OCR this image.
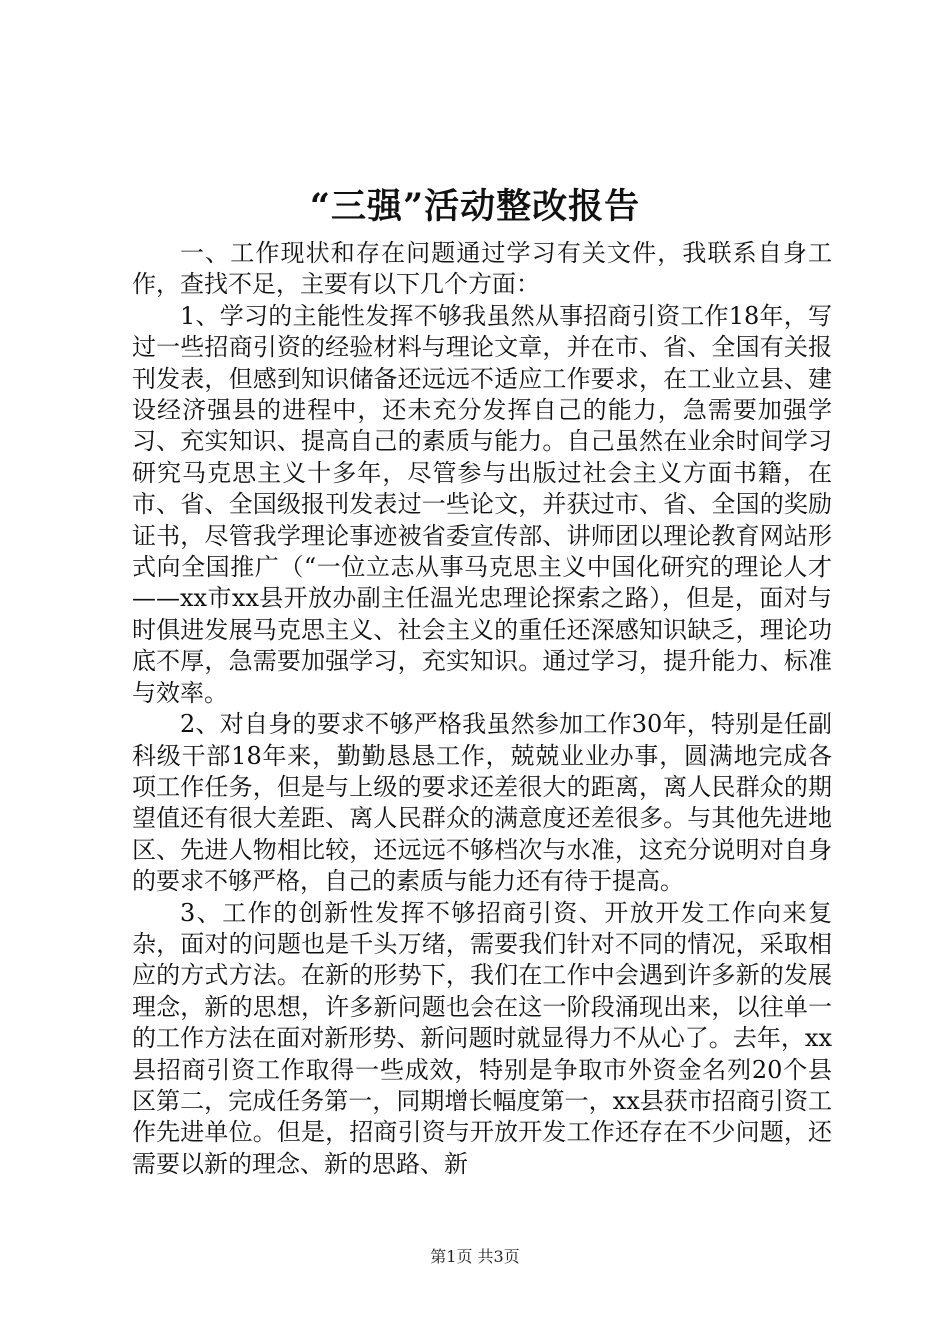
“三强”活动整改报告

一、工作现状和存在问题通过学习有关文件，我联系自身工作，查找不足，主要有以下几个方面：

1、学习的主能性发挥不够我虽然从事招商引资工作18年，写过一些招商引资的经验材料与理论文章，并在市、省、全国有关报刊发表，但感到知识储备还远远不适应工作要求，在工业立县、建设经济强县的进程中，还未充分发挥自己的能力，急需要加强学习、充实知识、提高自己的素质与能力。自己虽然在业余时间学习研究马克思主义十多年，尽管参与出版过社会主义方面书籍，在市、省、全国级报刊发表过一些论文，并获过市、省、全国的奖励证书，尽管我学理论事迹被省委宣传部、讲师团以理论教育网站形式向全国推广（“一位立志从事马克思主义中国化研究的理论人才——xx市xx县开放办副主任温光忠理论探索之路），但是，面对与时俱进发展马克思主义、社会主义的重任还深感知识缺乏，理论功底不厚，急需要加强学习，充实知识。通过学习，提升能力、标准与效率。

2、对自身的要求不够严格我虽然参加工作30年，特别是任副科级干部18年来，勤勤恳恳工作，兢兢业业办事，圆满地完成各项工作任务，但是与上级的要求还差很大的距离，离人民群众的期望值还有很大差距、离人民群众的满意度还差很多。与其他先进地区、先进人物相比较，还远远不够档次与水准，这充分说明对自身的要求不够严格，自己的素质与能力还有待于提高。

3、工作的创新性发挥不够招商引资、开放开发工作向来复杂，面对的问题也是千头万绪，需要我们针对不同的情况，采取相应的方式方法。在新的形势下，我们在工作中会遇到许多新的发展理念，新的思想，许多新问题也会在这一阶段涌现出来，以往单一的工作方法在面对新形势、新问题时就显得力不从心了。去年，xx县招商引资工作取得一些成效，特别是争取市外资金名列20个县区第二，完成任务第一，同期增长幅度第一，xx县获市招商引资工作先进单位。但是，招商引资与开放开发工作还存在不少问题，还需要以新的理念、新的思路、新

第1页 共3页
